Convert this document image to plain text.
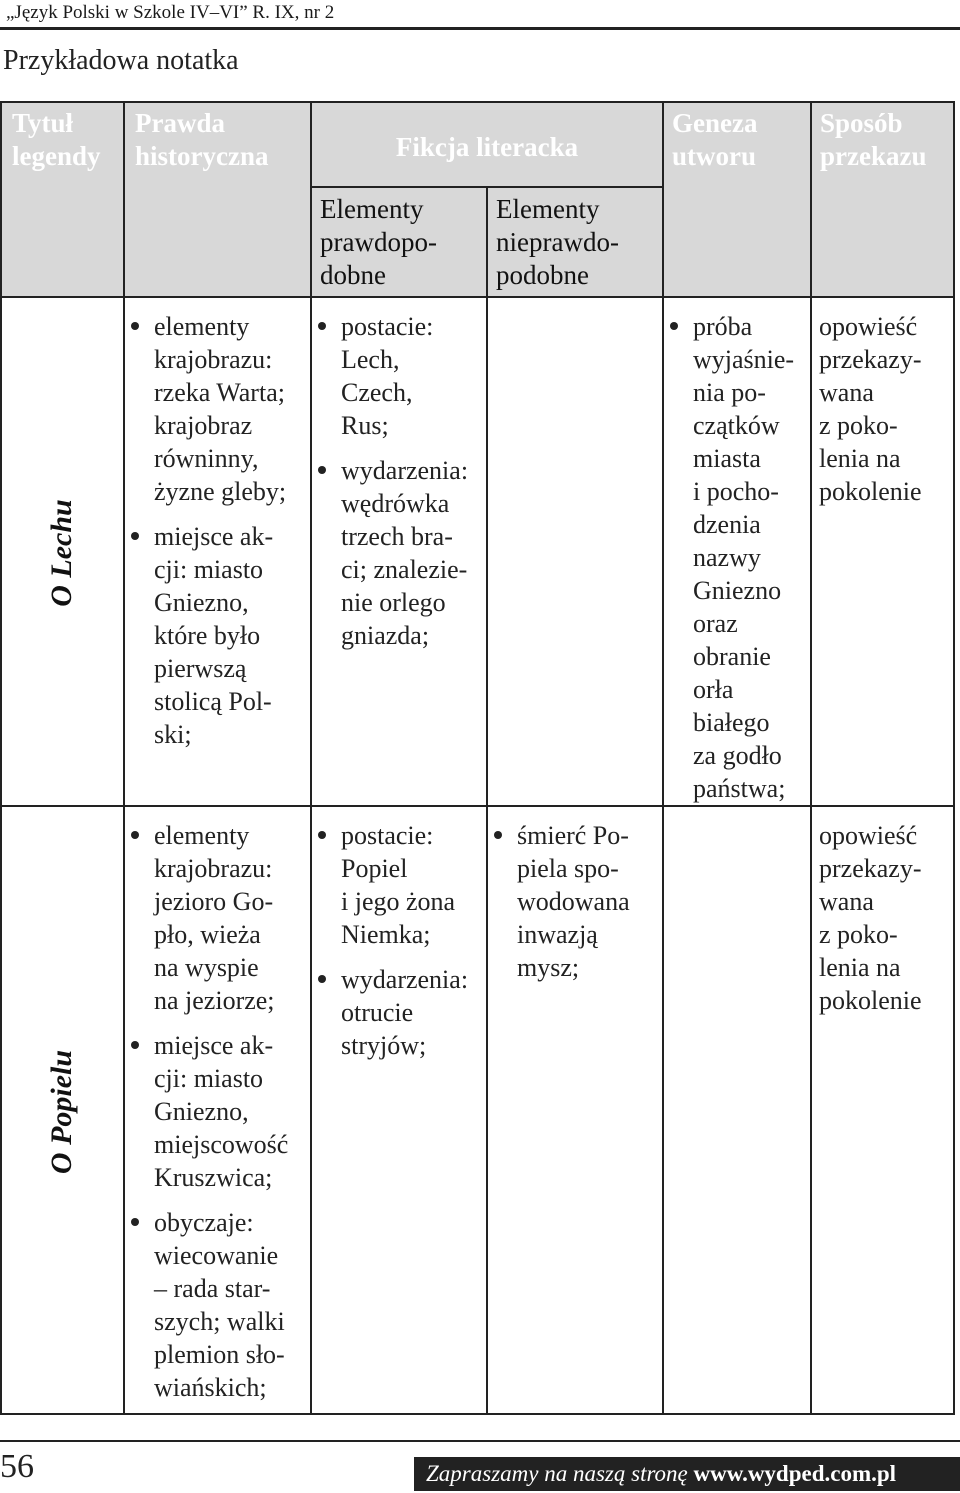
„Język Polski w Szkole IV–VI” R. IX, nr 2
Przykładowa notatka
Tytuł
legendy
Prawda
historyczna	Fikcja literacka
Geneza
utworu
Sposób
przekazu
Elementy
prawdopo-
dobne
Elementy
nieprawdo-
podobne
O Lechu
O Popielu
elementy
krajobrazu:
rzeka Warta;
krajobraz
równinny,
żyzne gleby;
miejsce ak-
cji: miasto
Gniezno,
które było
pierwszą
stolicą Pol-
ski;
postacie:
Lech,
Czech,
Rus;
wydarzenia:
wędrówka
trzech bra-
ci; znalezie-
nie orlego
gniazda;
próba
wyjaśnie-
nia po-
czątków
miasta
i pocho-
dzenia
nazwy
Gniezno
oraz
obranie
orła
białego
za godło
państwa;
opowieść
przekazy-
wana
z poko-
lenia na
pokolenie
elementy
krajobrazu:
jezioro Go-
pło, wieża
na wyspie
na jeziorze;
miejsce ak-
cji: miasto
Gniezno,
miejscowość
Kruszwica;
obyczaje:
wiecowanie
– rada star-
szych; walki
plemion sło-
wiańskich;
postacie:
Popiel
i jego żona
Niemka;
wydarzenia:
otrucie
stryjów;
śmierć Po-
piela spo-
wodowana
inwazją
mysz;
opowieść
przekazy-
wana
z poko-
lenia na
pokolenie
56	Zapraszamy na naszą stronę www.wydped.com.pl
